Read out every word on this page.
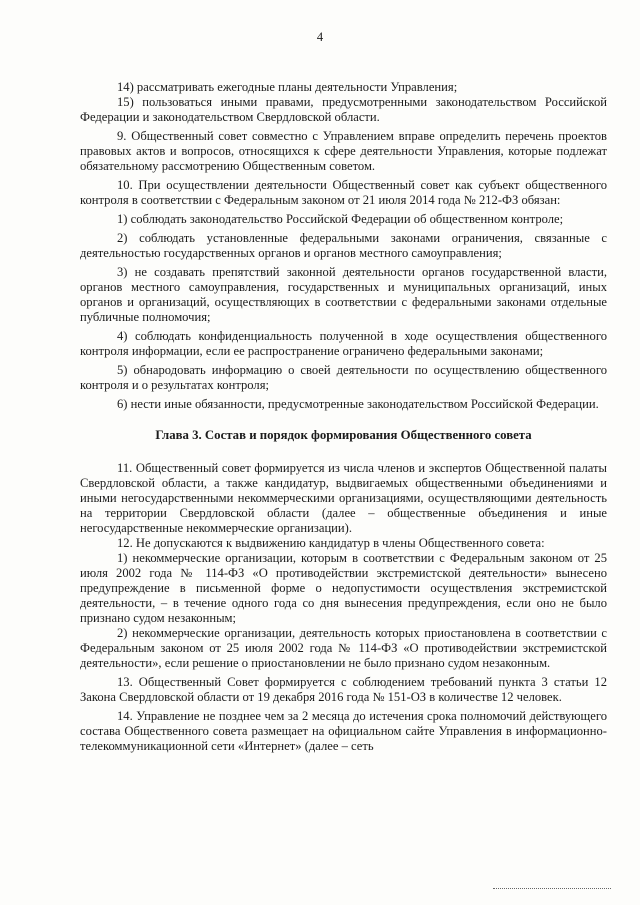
4

14) рассматривать ежегодные планы деятельности Управления;

15) пользоваться иными правами, предусмотренными законодательством Российской Федерации и законодательством Свердловской области.

9. Общественный совет совместно с Управлением вправе определить перечень проектов правовых актов и вопросов, относящихся к сфере деятельности Управления, которые подлежат обязательному рассмотрению Общественным советом.

10. При осуществлении деятельности Общественный совет как субъект общественного контроля в соответствии с Федеральным законом от 21 июля 2014 года № 212-ФЗ обязан:

1) соблюдать законодательство Российской Федерации об общественном контроле;

2) соблюдать установленные федеральными законами ограничения, связанные с деятельностью государственных органов и органов местного самоуправления;

3) не создавать препятствий законной деятельности органов государственной власти, органов местного самоуправления, государственных и муниципальных организаций, иных органов и организаций, осуществляющих в соответствии с федеральными законами отдельные публичные полномочия;

4) соблюдать конфиденциальность полученной в ходе осуществления общественного контроля информации, если ее распространение ограничено федеральными законами;

5) обнародовать информацию о своей деятельности по осуществлению общественного контроля и о результатах контроля;

6) нести иные обязанности, предусмотренные законодательством Российской Федерации.

Глава 3. Состав и порядок формирования Общественного совета

11. Общественный совет формируется из числа членов и экспертов Общественной палаты Свердловской области, а также кандидатур, выдвигаемых общественными объединениями и иными негосударственными некоммерческими организациями, осуществляющими деятельность на территории Свердловской области (далее – общественные объединения и иные негосударственные некоммерческие организации).

12. Не допускаются к выдвижению кандидатур в члены Общественного совета:

1) некоммерческие организации, которым в соответствии с Федеральным законом от 25 июля 2002 года № 114-ФЗ «О противодействии экстремистской деятельности» вынесено предупреждение в письменной форме о недопустимости осуществления экстремистской деятельности, – в течение одного года со дня вынесения предупреждения, если оно не было признано судом незаконным;

2) некоммерческие организации, деятельность которых приостановлена в соответствии с Федеральным законом от 25 июля 2002 года № 114-ФЗ «О противодействии экстремистской деятельности», если решение о приостановлении не было признано судом незаконным.

13. Общественный Совет формируется с соблюдением требований пункта 3 статьи 12 Закона Свердловской области от 19 декабря 2016 года № 151-ОЗ в количестве 12 человек.

14. Управление не позднее чем за 2 месяца до истечения срока полномочий действующего состава Общественного совета размещает на официальном сайте Управления в информационно-телекоммуникационной сети «Интернет» (далее – сеть
